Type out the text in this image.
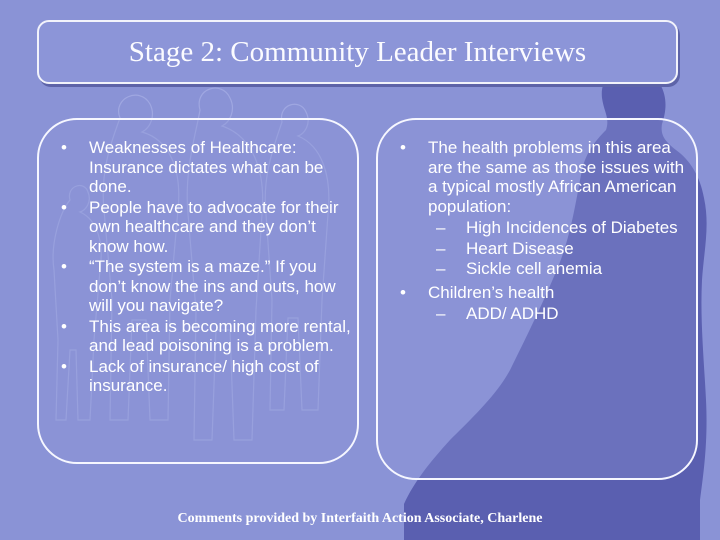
Stage 2: Community Leader Interviews
•	Weaknesses of Healthcare: Insurance dictates what can be done.
•	People have to advocate for their own healthcare and they don’t know how.
•	“The system is a maze.” If you don’t know the ins and outs, how will you navigate?
•	This area is becoming more rental, and lead poisoning is a problem.
•	Lack of insurance/ high cost of insurance.
•	The health problems in this area are the same as those issues with a typical mostly African American population:
– High Incidences of Diabetes
– Heart Disease
– Sickle cell anemia
•	Children’s health
– ADD/ ADHD
Comments provided by Interfaith Action Associate, Charlene
